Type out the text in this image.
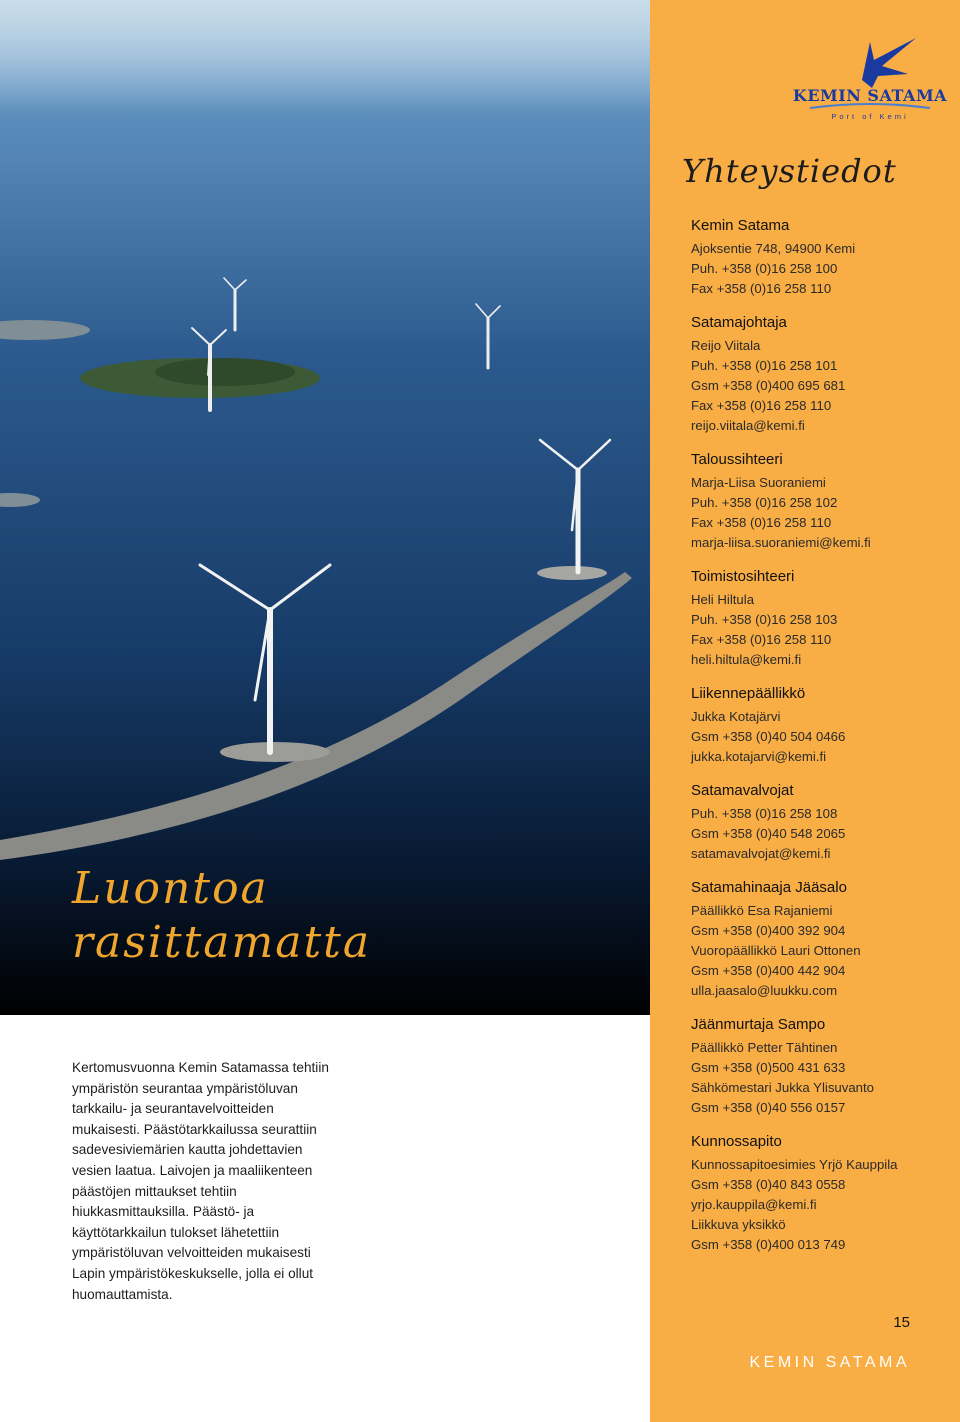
Luontoa
rasittamatta

Kertomusvuonna Kemin Satamassa tehtiin ympäristön seurantaa ympäristöluvan tarkkailu- ja seurantavelvoitteiden mukaisesti. Päästötarkkailussa seurattiin sadevesiviemärien kautta johdettavien vesien laatua. Laivojen ja maaliikenteen päästöjen mittaukset tehtiin hiukkasmittauksilla. Päästö- ja käyttötarkkailun tulokset lähetettiin ympäristöluvan velvoitteiden mukaisesti Lapin ympäristökeskukselle, jolla ei ollut huomauttamista.

KEMIN SATAMA
Port of Kemi
Yhteystiedot
Kemin Satama
Ajoksentie 748, 94900 Kemi
Puh. +358 (0)16 258 100
Fax +358 (0)16 258 110
Satamajohtaja
Reijo Viitala
Puh. +358 (0)16 258 101
Gsm +358 (0)400 695 681
Fax +358 (0)16 258 110
reijo.viitala@kemi.fi
Taloussihteeri
Marja-Liisa Suoraniemi
Puh. +358 (0)16 258 102
Fax +358 (0)16 258 110
marja-liisa.suoraniemi@kemi.fi
Toimistosihteeri
Heli Hiltula
Puh. +358 (0)16 258 103
Fax +358 (0)16 258 110
heli.hiltula@kemi.fi
Liikennepäällikkö
Jukka Kotajärvi
Gsm +358 (0)40 504 0466
jukka.kotajarvi@kemi.fi
Satamavalvojat
Puh. +358 (0)16 258 108
Gsm +358 (0)40 548 2065
satamavalvojat@kemi.fi
Satamahinaaja Jääsalo
Päällikkö Esa Rajaniemi
Gsm +358 (0)400 392 904
Vuoropäällikkö Lauri Ottonen
Gsm +358 (0)400 442 904
ulla.jaasalo@luukku.com
Jäänmurtaja Sampo
Päällikkö Petter Tähtinen
Gsm +358 (0)500 431 633
Sähkömestari Jukka Ylisuvanto
Gsm +358 (0)40 556 0157
Kunnossapito
Kunnossapitoesimies Yrjö Kauppila
Gsm +358 (0)40 843 0558
yrjo.kauppila@kemi.fi
Liikkuva yksikkö
Gsm +358 (0)400 013 749
15
KEMIN SATAMA
